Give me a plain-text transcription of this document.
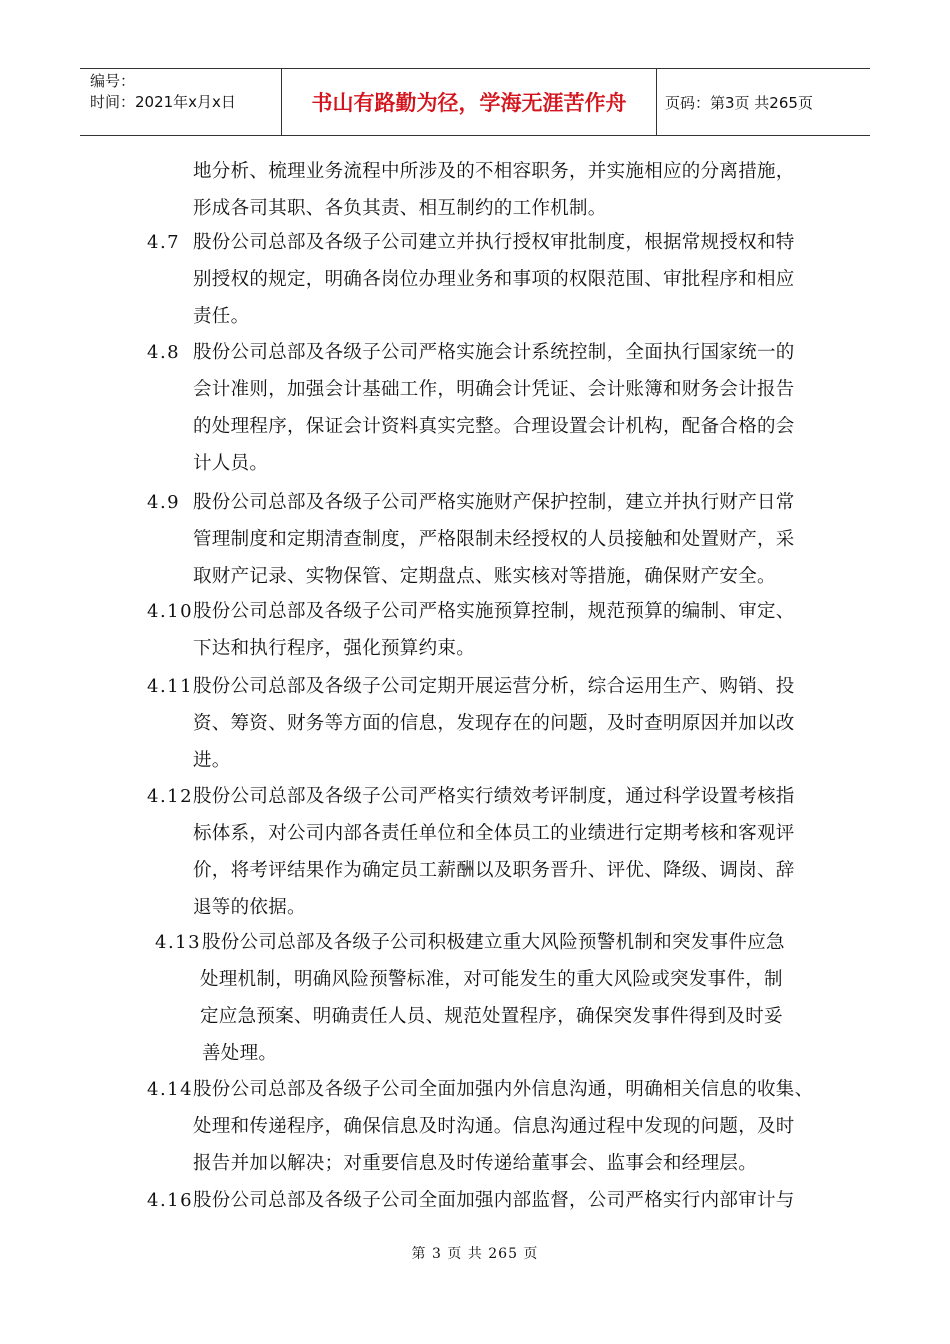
编号：
时间：2021年x月x日	书山有路勤为径，学海无涯苦作舟	页码：第3页 共265页
地分析、梳理业务流程中所涉及的不相容职务，并实施相应的分离措施，
形成各司其职、各负其责、相互制约的工作机制。
4.7 股份公司总部及各级子公司建立并执行授权审批制度，根据常规授权和特
别授权的规定，明确各岗位办理业务和事项的权限范围、审批程序和相应
责任。
4.8 股份公司总部及各级子公司严格实施会计系统控制，全面执行国家统一的
会计准则，加强会计基础工作，明确会计凭证、会计账簿和财务会计报告
的处理程序，保证会计资料真实完整。合理设置会计机构，配备合格的会
计人员。
4.9 股份公司总部及各级子公司严格实施财产保护控制，建立并执行财产日常
管理制度和定期清查制度，严格限制未经授权的人员接触和处置财产，采
取财产记录、实物保管、定期盘点、账实核对等措施，确保财产安全。
4.10 股份公司总部及各级子公司严格实施预算控制，规范预算的编制、审定、
下达和执行程序，强化预算约束。
4.11 股份公司总部及各级子公司定期开展运营分析，综合运用生产、购销、投
资、筹资、财务等方面的信息，发现存在的问题，及时查明原因并加以改
进。
4.12 股份公司总部及各级子公司严格实行绩效考评制度，通过科学设置考核指
标体系，对公司内部各责任单位和全体员工的业绩进行定期考核和客观评
价，将考评结果作为确定员工薪酬以及职务晋升、评优、降级、调岗、辞
退等的依据。
4.13 股份公司总部及各级子公司积极建立重大风险预警机制和突发事件应急
处理机制，明确风险预警标准，对可能发生的重大风险或突发事件，制
定应急预案、明确责任人员、规范处置程序，确保突发事件得到及时妥
善处理。
4.14 股份公司总部及各级子公司全面加强内外信息沟通，明确相关信息的收集、
处理和传递程序，确保信息及时沟通。信息沟通过程中发现的问题，及时
报告并加以解决；对重要信息及时传递给董事会、监事会和经理层。
4.16 股份公司总部及各级子公司全面加强内部监督，公司严格实行内部审计与
第 3 页 共 265 页
